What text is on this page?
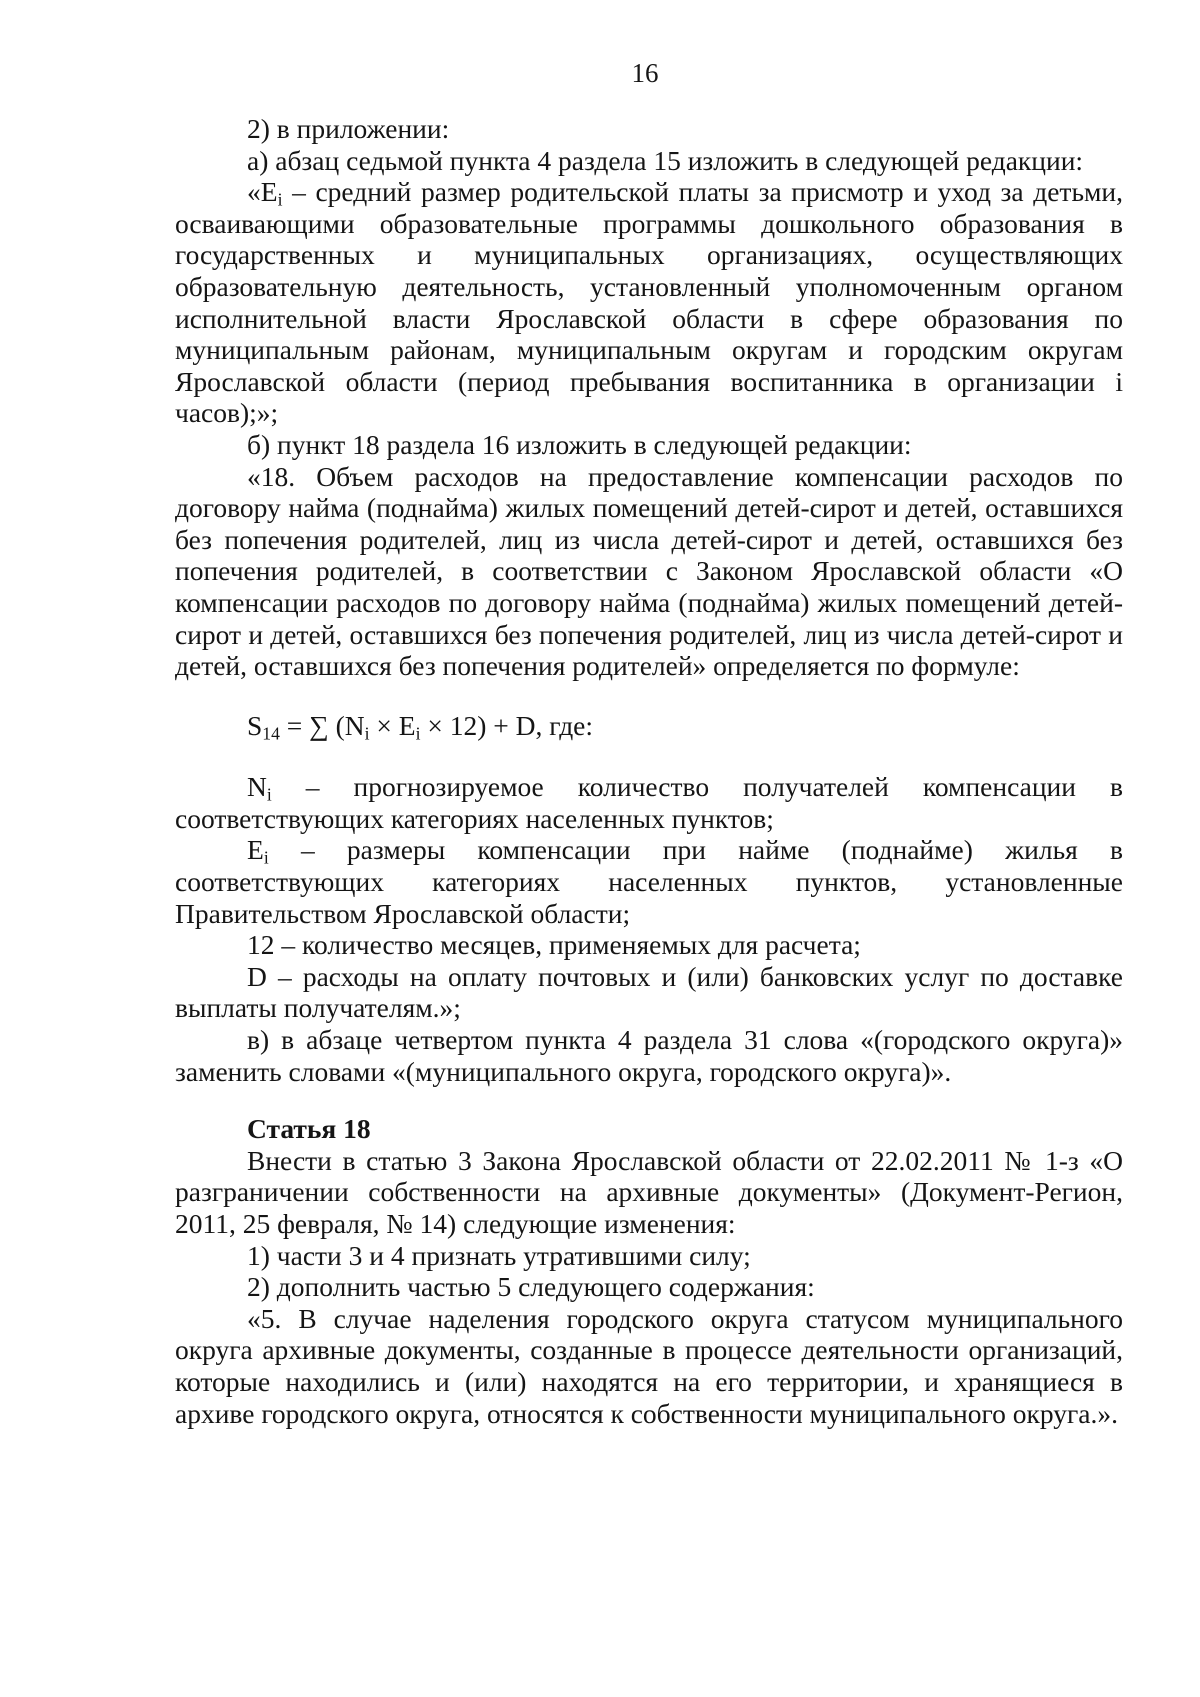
16

2) в приложении:

а) абзац седьмой пункта 4 раздела 15 изложить в следующей редакции:

«$E_i$ – средний размер родительской платы за присмотр и уход за детьми, осваивающими образовательные программы дошкольного образования в государственных и муниципальных организациях, осуществляющих образовательную деятельность, установленный уполномоченным органом исполнительной власти Ярославской области в сфере образования по муниципальным районам, муниципальным округам и городским округам Ярославской области (период пребывания воспитанника в организации i часов);»;

б) пункт 18 раздела 16 изложить в следующей редакции:

«18. Объем расходов на предоставление компенсации расходов по договору найма (поднайма) жилых помещений детей-сирот и детей, оставшихся без попечения родителей, лиц из числа детей-сирот и детей, оставшихся без попечения родителей, в соответствии с Законом Ярославской области «О компенсации расходов по договору найма (поднайма) жилых помещений детей-сирот и детей, оставшихся без попечения родителей, лиц из числа детей-сирот и детей, оставшихся без попечения родителей» определяется по формуле:

$S_{14}$ = ∑ $(N_i \times E_i \times 12) + D$, где:

$N_i$ – прогнозируемое количество получателей компенсации в соответствующих категориях населенных пунктов;

$E_i$ – размеры компенсации при найме (поднайме) жилья в соответствующих категориях населенных пунктов, установленные Правительством Ярославской области;

12 – количество месяцев, применяемых для расчета;

D – расходы на оплату почтовых и (или) банковских услуг по доставке выплаты получателям.»;

в) в абзаце четвертом пункта 4 раздела 31 слова «(городского округа)» заменить словами «(муниципального округа, городского округа)».

Статья 18

Внести в статью 3 Закона Ярославской области от 22.02.2011 № 1-з «О разграничении собственности на архивные документы» (Документ-Регион, 2011, 25 февраля, № 14) следующие изменения:

1) части 3 и 4 признать утратившими силу;

2) дополнить частью 5 следующего содержания:

«5. В случае наделения городского округа статусом муниципального округа архивные документы, созданные в процессе деятельности организаций, которые находились и (или) находятся на его территории, и хранящиеся в архиве городского округа, относятся к собственности муниципального округа.».
